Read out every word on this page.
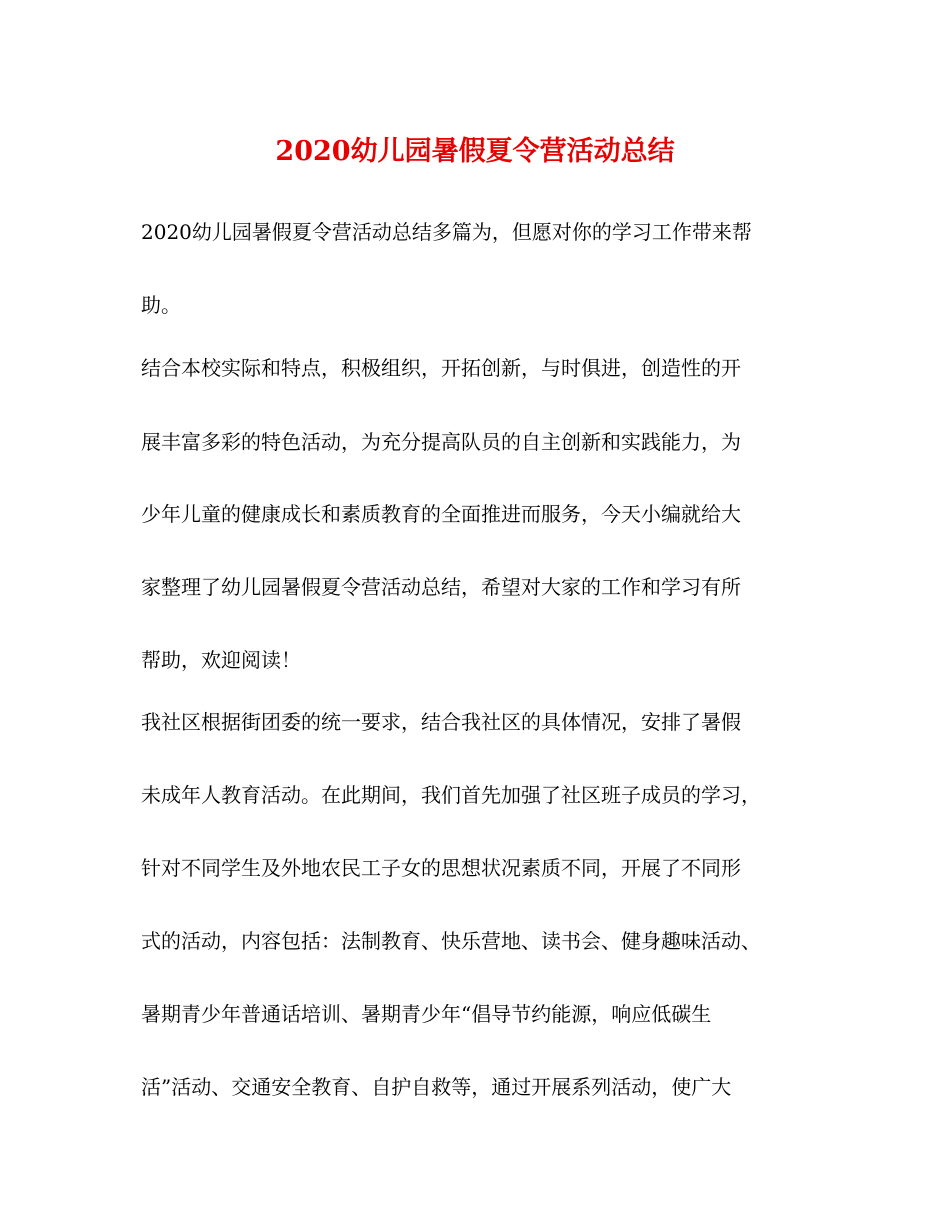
2020幼儿园暑假夏令营活动总结

2020幼儿园暑假夏令营活动总结多篇为，但愿对你的学习工作带来帮

助。

结合本校实际和特点，积极组织，开拓创新，与时俱进，创造性的开

展丰富多彩的特色活动，为充分提高队员的自主创新和实践能力，为

少年儿童的健康成长和素质教育的全面推进而服务，今天小编就给大

家整理了幼儿园暑假夏令营活动总结，希望对大家的工作和学习有所

帮助，欢迎阅读！

我社区根据街团委的统一要求，结合我社区的具体情况，安排了暑假

未成年人教育活动。在此期间，我们首先加强了社区班子成员的学习，

针对不同学生及外地农民工子女的思想状况素质不同，开展了不同形

式的活动，内容包括：法制教育、快乐营地、读书会、健身趣味活动、

暑期青少年普通话培训、暑期青少年“倡导节约能源，响应低碳生

活”活动、交通安全教育、自护自救等，通过开展系列活动，使广大
